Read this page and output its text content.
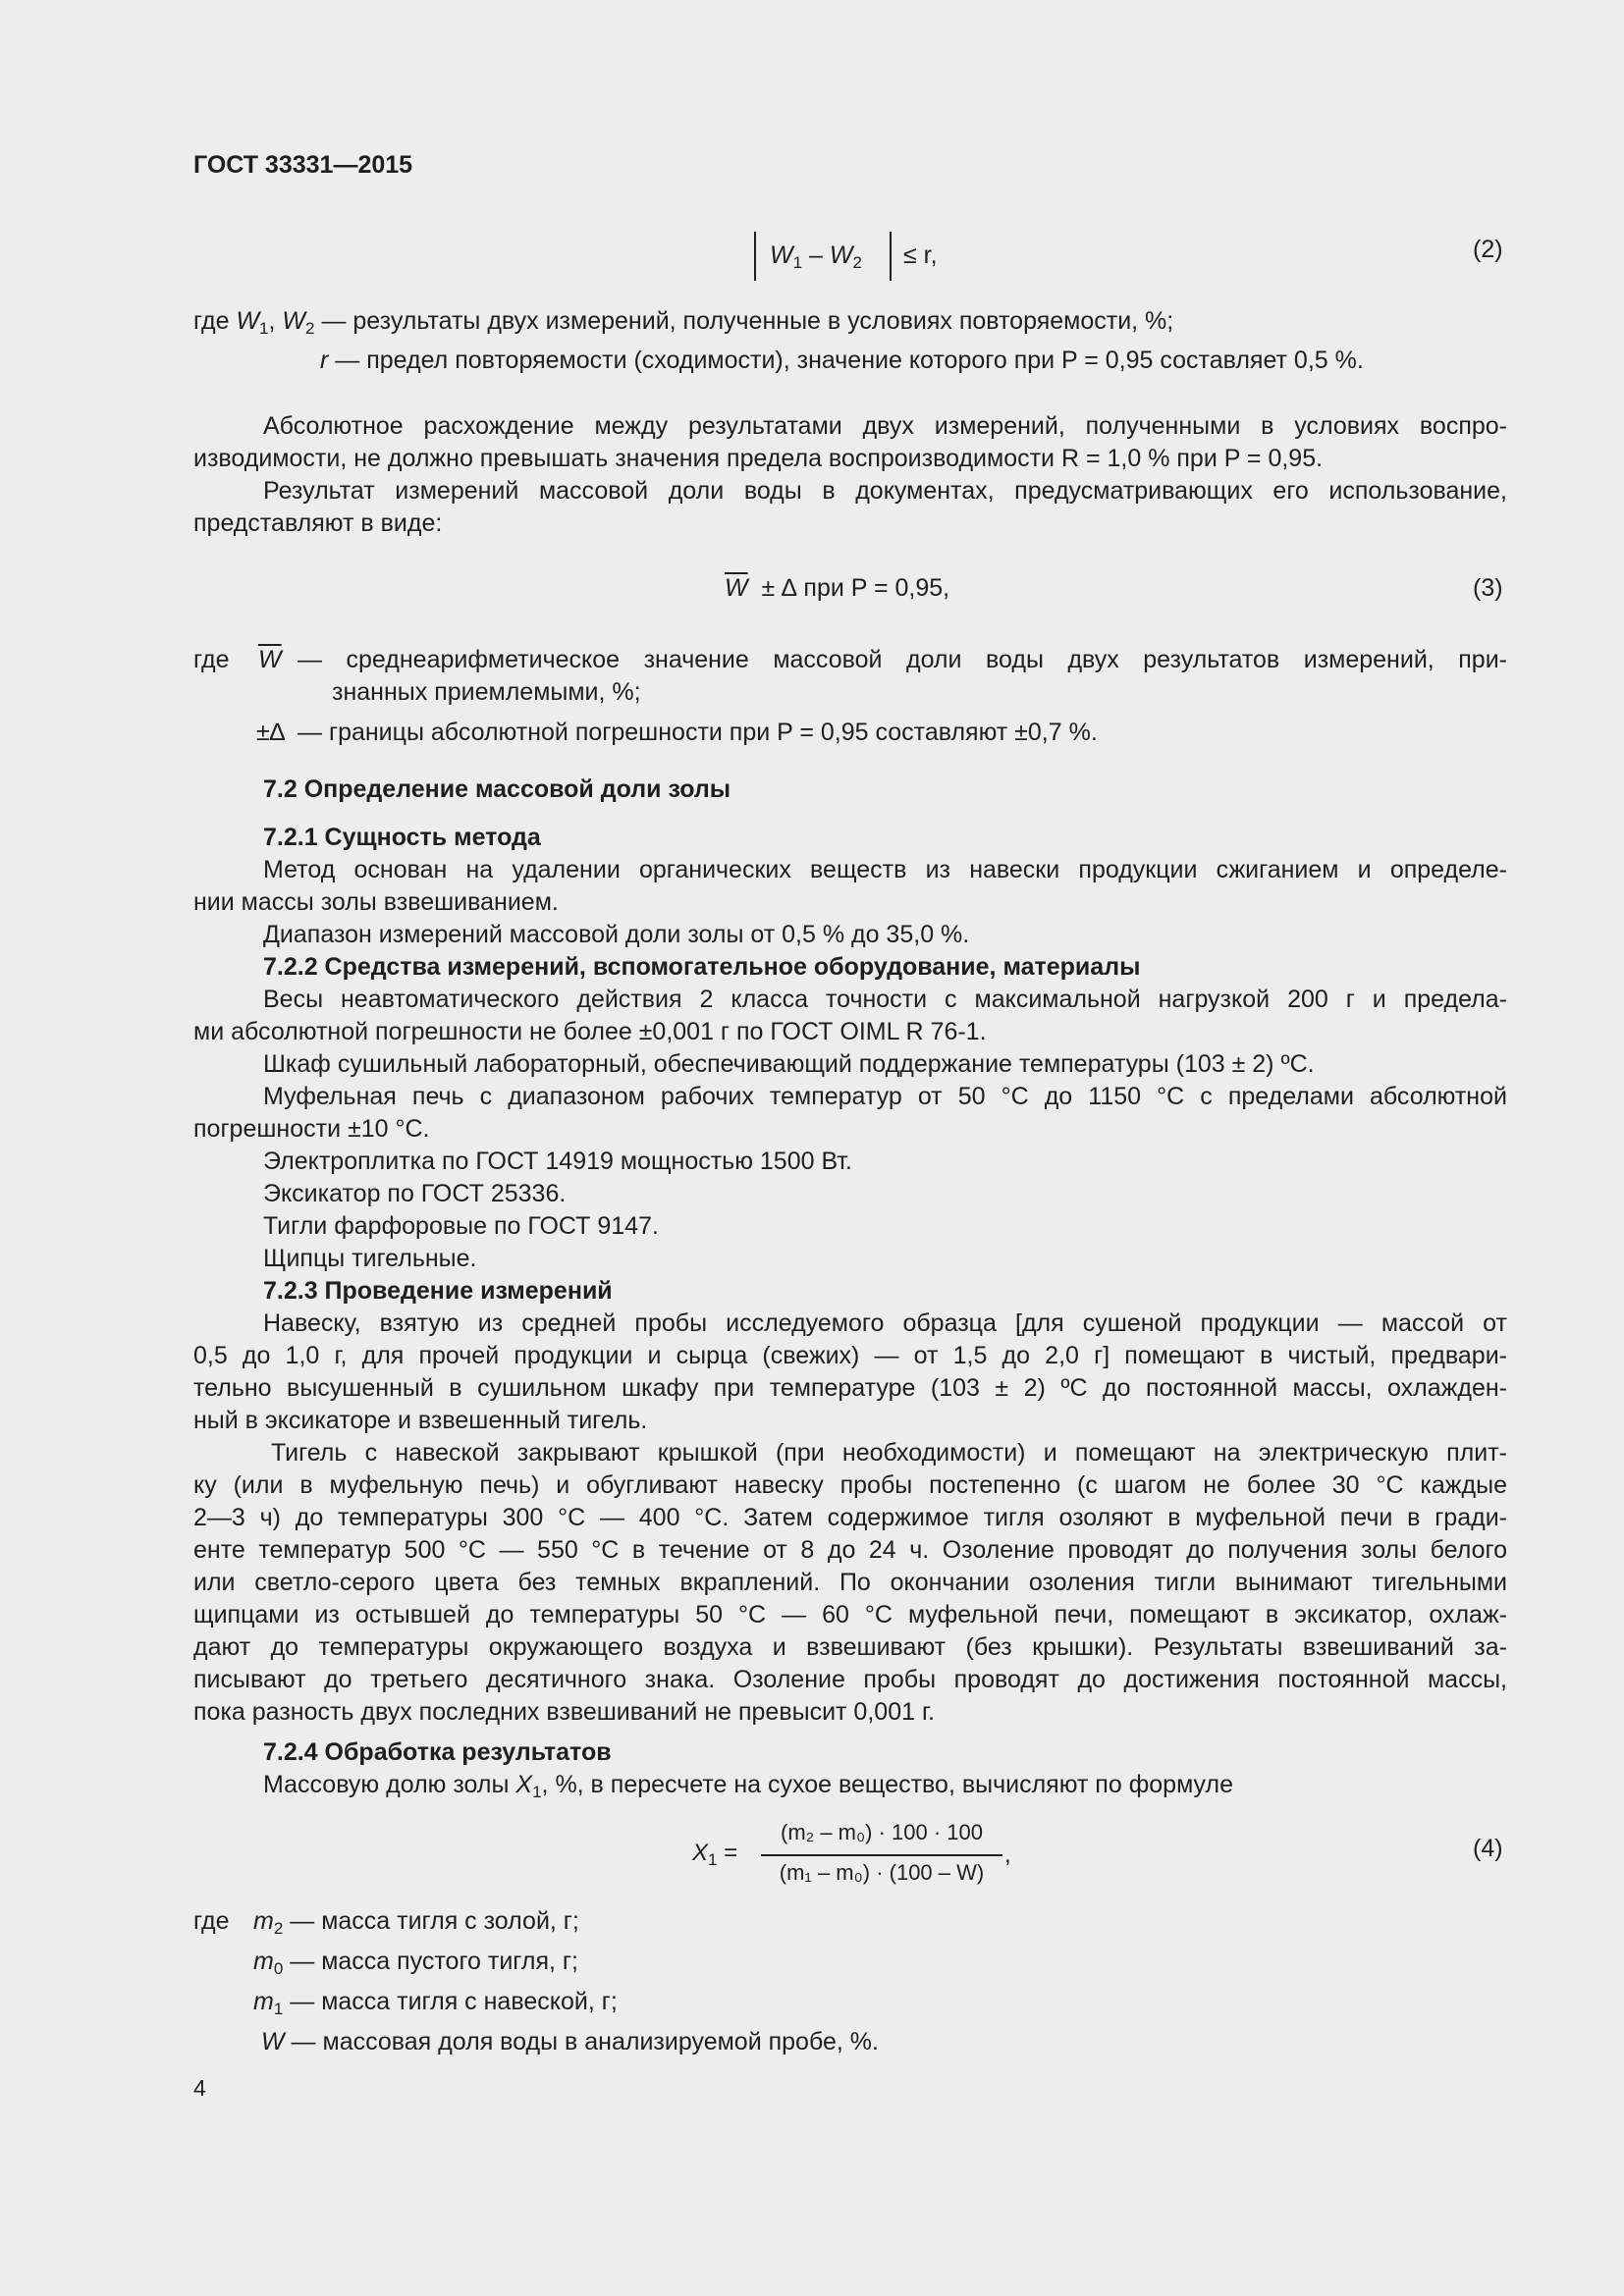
ГОСТ 33331—2015
$W_1 - W_2 \le r$,	(2)
где $W_1$, $W_2$ — результаты двух измерений, полученные в условиях повторяемости, %;
r — предел повторяемости (сходимости), значение которого при P = 0,95 составляет 0,5 %.
Абсолютное расхождение между результатами двух измерений, полученными в условиях воспро-
изводимости, не должно превышать значения предела воспроизводимости R = 1,0 % при P = 0,95.
Результат измерений массовой доли воды в документах, предусматривающих его использование,
представляют в виде:
$\overline{W}$ ± ∆ при P = 0,95,	(3)
где $\overline{W}$ — среднеарифметическое значение массовой доли воды двух результатов измерений, при-
знанных приемлемыми, %;
±∆ — границы абсолютной погрешности при P = 0,95 составляют ±0,7 %.
7.2 Определение массовой доли золы
7.2.1 Сущность метода
Метод основан на удалении органических веществ из навески продукции сжиганием и определе-
нии массы золы взвешиванием.
Диапазон измерений массовой доли золы от 0,5 % до 35,0 %.
7.2.2 Средства измерений, вспомогательное оборудование, материалы
Весы неавтоматического действия 2 класса точности с максимальной нагрузкой 200 г и предела-
ми абсолютной погрешности не более ±0,001 г по ГОСТ OIML R 76-1.
Шкаф сушильный лабораторный, обеспечивающий поддержание температуры (103 ± 2) ºС.
Муфельная печь с диапазоном рабочих температур от 50 °С до 1150 °С с пределами абсолютной
погрешности ±10 °С.
Электроплитка по ГОСТ 14919 мощностью 1500 Вт.
Эксикатор по ГОСТ 25336.
Тигли фарфоровые по ГОСТ 9147.
Щипцы тигельные.
7.2.3 Проведение измерений
Навеску, взятую из средней пробы исследуемого образца [для сушеной продукции — массой от
0,5 до 1,0 г, для прочей продукции и сырца (свежих) — от 1,5 до 2,0 г] помещают в чистый, предвари-
тельно высушенный в сушильном шкафу при температуре (103 ± 2) ºС до постоянной массы, охлажден-
ный в эксикаторе и взвешенный тигель.
Тигель с навеской закрывают крышкой (при необходимости) и помещают на электрическую плит-
ку (или в муфельную печь) и обугливают навеску пробы постепенно (с шагом не более 30 °С каждые
2—3 ч) до температуры 300 °С — 400 °С. Затем содержимое тигля озоляют в муфельной печи в гради-
енте температур 500 °С — 550 °С в течение от 8 до 24 ч. Озоление проводят до получения золы белого
или светло-серого цвета без темных вкраплений. По окончании озоления тигли вынимают тигельными
щипцами из остывшей до температуры 50 °С — 60 °С муфельной печи, помещают в эксикатор, охлаж-
дают до температуры окружающего воздуха и взвешивают (без крышки). Результаты взвешиваний за-
писывают до третьего десятичного знака. Озоление пробы проводят до достижения постоянной массы,
пока разность двух последних взвешиваний не превысит 0,001 г.
7.2.4 Обработка результатов
Массовую долю золы $X_1$, %, в пересчете на сухое вещество, вычисляют по формуле
$X_1$ =
(m₂ – m₀) · 100 · 100
(m₁ – m₀) · (100 – W)
,	(4)
где $m_2$ — масса тигля с золой, г;
$m_0$ — масса пустого тигля, г;
$m_1$ — масса тигля с навеской, г;
W — массовая доля воды в анализируемой пробе, %.
4
